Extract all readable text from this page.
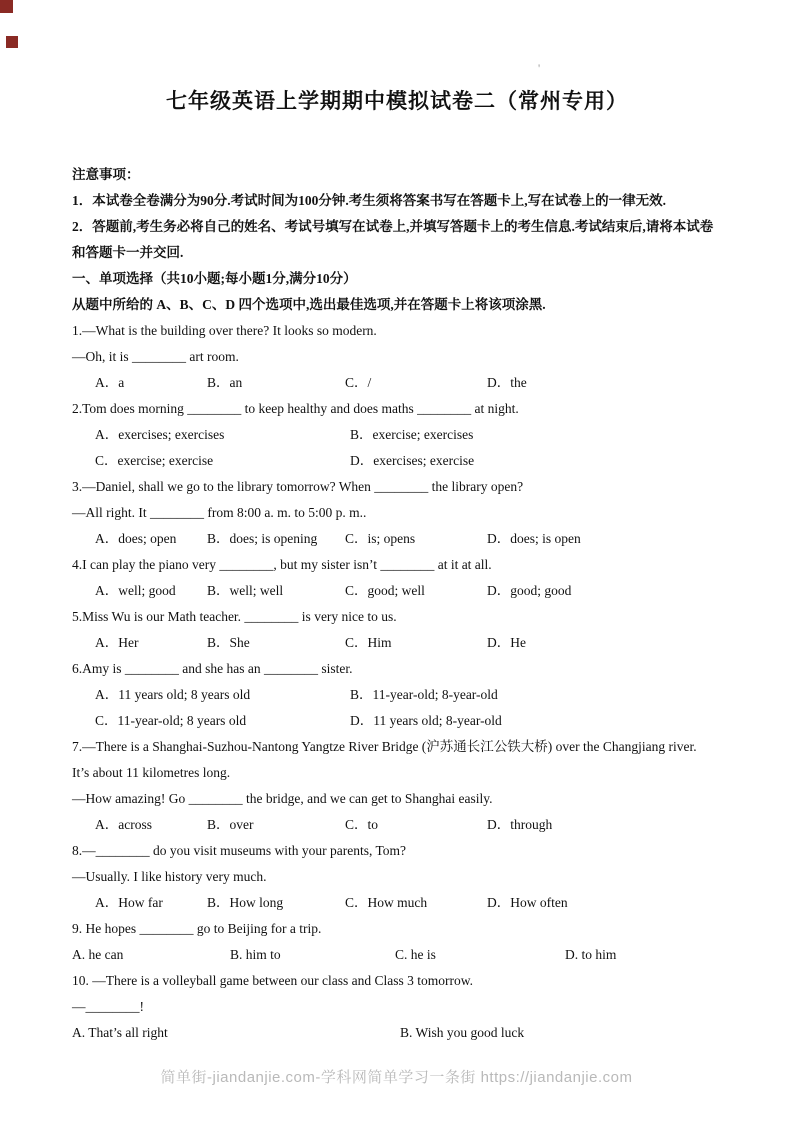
'
七年级英语上学期期中模拟试卷二（常州专用）
注意事项：
1．本试卷全卷满分为90分.考试时间为100分钟.考生须将答案书写在答题卡上,写在试卷上的一律无效.
2．答题前,考生务必将自己的姓名、考试号填写在试卷上,并填写答题卡上的考生信息.考试结束后,请将本试卷和答题卡一并交回.
一、单项选择（共10小题;每小题1分,满分10分）
从题中所给的 A、B、C、D 四个选项中,选出最佳选项,并在答题卡上将该项涂黑.
1.—What is the building over there? It looks so modern.
—Oh, it is ________ art room.
A．a	B．an	C．/	D．the
2.Tom does morning ________ to keep healthy and does maths ________ at night.
A．exercises; exercises	B．exercise; exercises
C．exercise; exercise	D．exercises; exercise
3.—Daniel, shall we go to the library tomorrow? When ________ the library open?
—All right. It ________ from 8:00 a. m. to 5:00 p. m..
A．does; open	B．does; is opening	C．is; opens	D．does; is open
4.I can play the piano very ________, but my sister isn’t ________ at it at all.
A．well; good	B．well; well	C．good; well	D．good; good
5.Miss Wu is our Math teacher. ________ is very nice to us.
A．Her	B．She	C．Him	D．He
6.Amy is ________ and she has an ________ sister.
A．11 years old; 8 years old	B．11-year-old; 8-year-old
C．11-year-old; 8 years old	D．11 years old; 8-year-old
7.—There is a Shanghai-Suzhou-Nantong Yangtze River Bridge (沪苏通长江公铁大桥) over the Changjiang river.
It’s about 11 kilometres long.
—How amazing! Go ________ the bridge, and we can get to Shanghai easily.
A．across	B．over	C．to	D．through
8.—________ do you visit museums with your parents, Tom?
—Usually. I like history very much.
A．How far	B．How long	C．How much	D．How often
9. He hopes ________ go to Beijing for a trip.
A. he can	B. him to	C. he is	D. to him
10. —There is a volleyball game between our class and Class 3 tomorrow.
—________!
A. That’s all right	B. Wish you good luck
简单街-jiandanjie.com-学科网简单学习一条街 https://jiandanjie.com
